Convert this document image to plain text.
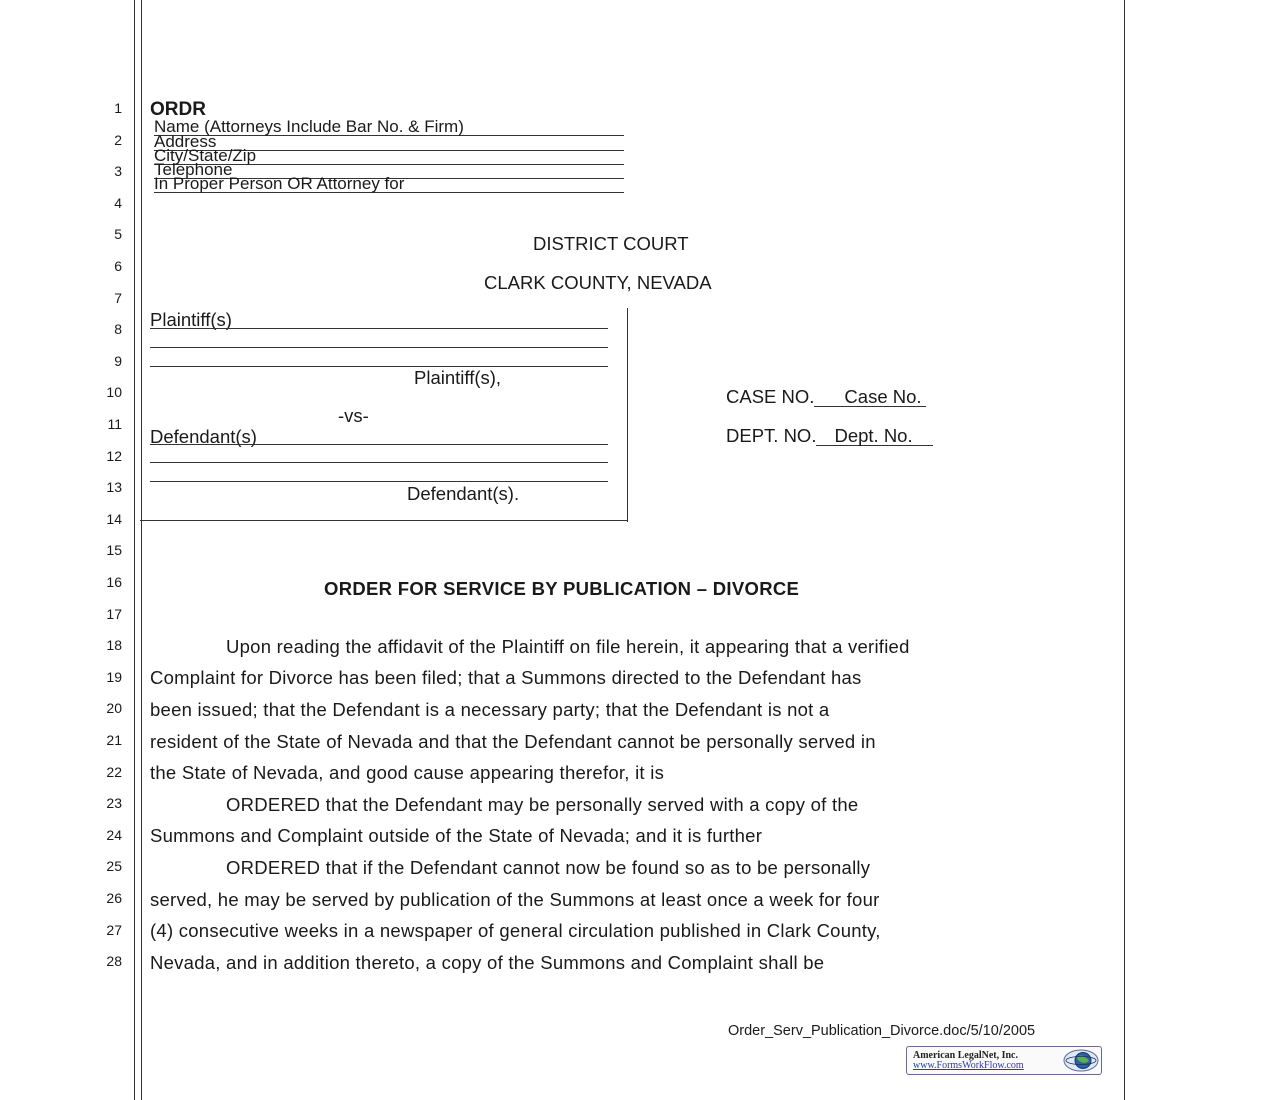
1
2
3
4
5
6
7
8
9
10
11
12
13
14
15
16
17
18
19
20
21
22
23
24
25
26
27
28
ORDR
Name (Attorneys Include Bar No. & Firm)
Address
City/State/Zip
Telephone
In Proper Person OR Attorney for
DISTRICT COURT
CLARK COUNTY, NEVADA
Plaintiff(s)
Plaintiff(s),
-vs-
Defendant(s)
Defendant(s).
CASE NO. Case No.
DEPT. NO. Dept. No.
ORDER FOR SERVICE BY PUBLICATION – DIVORCE
Upon reading the affidavit of the Plaintiff on file herein, it appearing that a verified
Complaint for Divorce has been filed; that a Summons directed to the Defendant has
been issued; that the Defendant is a necessary party; that the Defendant is not a
resident of the State of Nevada and that the Defendant cannot be personally served in
the State of Nevada, and good cause appearing therefor, it is
ORDERED that the Defendant may be personally served with a copy of the
Summons and Complaint outside of the State of Nevada; and it is further
ORDERED that if the Defendant cannot now be found so as to be personally
served, he may be served by publication of the Summons at least once a week for four
(4) consecutive weeks in a newspaper of general circulation published in Clark County,
Nevada, and in addition thereto, a copy of the Summons and Complaint shall be
Order_Serv_Publication_Divorce.doc/5/10/2005
American LegalNet, Inc.
www.FormsWorkFlow.com
